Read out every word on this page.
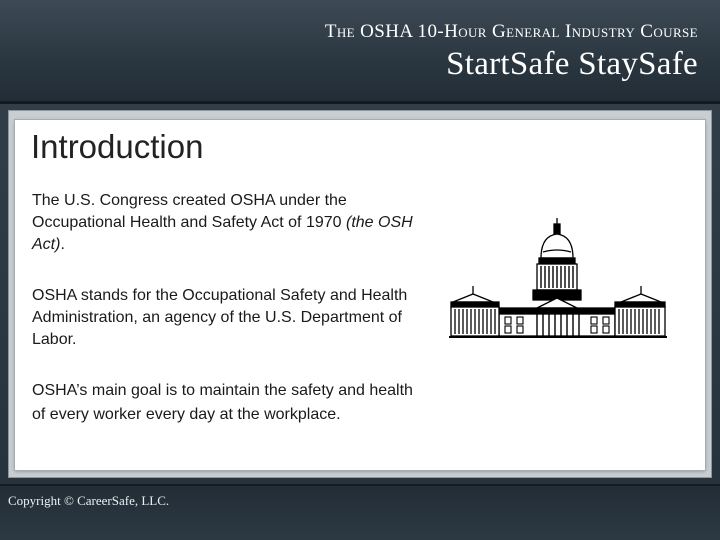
The OSHA 10-Hour General Industry Course
StartSafe StaySafe
Introduction
The U.S. Congress created OSHA under the Occupational Health and Safety Act of 1970 (the OSH Act).
OSHA stands for the Occupational Safety and Health Administration, an agency of the U.S. Department of Labor.
OSHA’s main goal is to maintain the safety and health of every worker every day at the workplace.
Copyright © CareerSafe, LLC.
